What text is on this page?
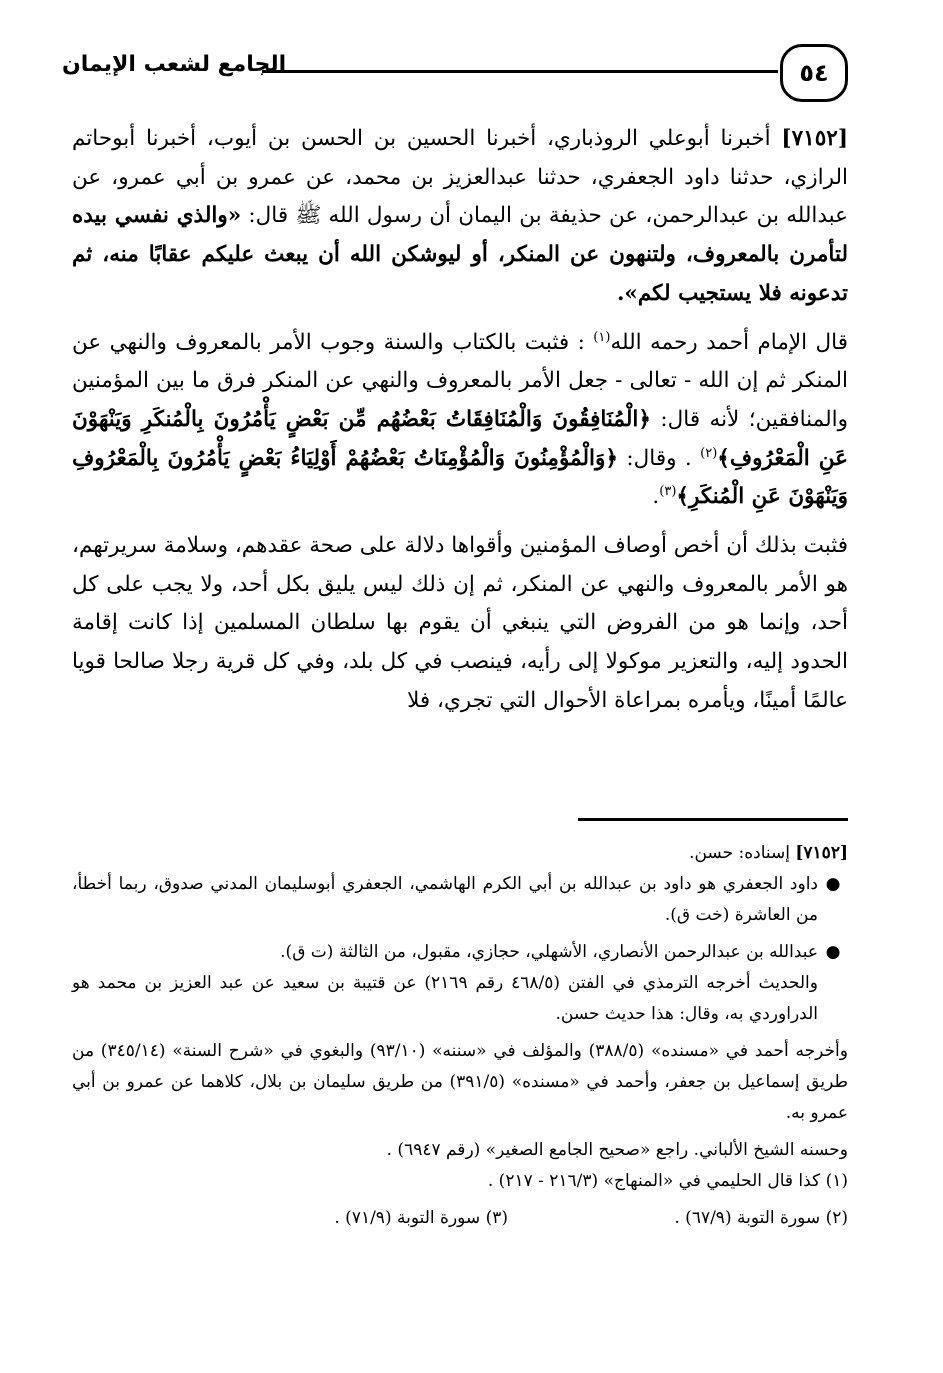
٥٤
الجامع لشعب الإيمان

[٧١٥٢] أخبرنا أبوعلي الروذباري، أخبرنا الحسين بن الحسن بن أيوب، أخبرنا أبوحاتم الرازي، حدثنا داود الجعفري، حدثنا عبدالعزيز بن محمد، عن عمرو بن أبي عمرو، عن عبدالله بن عبدالرحمن، عن حذيفة بن اليمان أن رسول الله ﷺ قال: «والذي نفسي بيده لتأمرن بالمعروف، ولتنهون عن المنكر، أو ليوشكن الله أن يبعث عليكم عقابًا منه، ثم تدعونه فلا يستجيب لكم».

قال الإمام أحمد رحمه الله$^{(١)}$ : فثبت بالكتاب والسنة وجوب الأمر بالمعروف والنهي عن المنكر ثم إن الله - تعالى - جعل الأمر بالمعروف والنهي عن المنكر فرق ما بين المؤمنين والمنافقين؛ لأنه قال: ﴿الْمُنَافِقُونَ وَالْمُنَافِقَاتُ بَعْضُهُم مِّن بَعْضٍ يَأْمُرُونَ بِالْمُنكَرِ وَيَنْهَوْنَ عَنِ الْمَعْرُوفِ﴾$^{(٢)}$ . وقال: ﴿وَالْمُؤْمِنُونَ وَالْمُؤْمِنَاتُ بَعْضُهُمْ أَوْلِيَاءُ بَعْضٍ يَأْمُرُونَ بِالْمَعْرُوفِ وَيَنْهَوْنَ عَنِ الْمُنكَرِ﴾$^{(٣)}$.

فثبت بذلك أن أخص أوصاف المؤمنين وأقواها دلالة على صحة عقدهم، وسلامة سريرتهم، هو الأمر بالمعروف والنهي عن المنكر، ثم إن ذلك ليس يليق بكل أحد، ولا يجب على كل أحد، وإنما هو من الفروض التي ينبغي أن يقوم بها سلطان المسلمين إذا كانت إقامة الحدود إليه، والتعزير موكولا إلى رأيه، فينصب في كل بلد، وفي كل قرية رجلا صالحا قويا عالمًا أمينًا، ويأمره بمراعاة الأحوال التي تجري، فلا

[٧١٥٢] إسناده: حسن.

●داود الجعفري هو داود بن عبدالله بن أبي الكرم الهاشمي، الجعفري أبوسليمان المدني صدوق، ربما أخطأ، من العاشرة (خت ق).

●عبدالله بن عبدالرحمن الأنصاري، الأشهلي، حجازي، مقبول، من الثالثة (ت ق).

والحديث أخرجه الترمذي في الفتن (٤٦٨/٥ رقم ٢١٦٩) عن قتيبة بن سعيد عن عبد العزيز بن محمد هو الدراوردي به، وقال: هذا حديث حسن.

وأخرجه أحمد في «مسنده» (٣٨٨/٥) والمؤلف في «سننه» (٩٣/١٠) والبغوي في «شرح السنة» (٣٤٥/١٤) من طريق إسماعيل بن جعفر، وأحمد في «مسنده» (٣٩١/٥) من طريق سليمان بن بلال، كلاهما عن عمرو بن أبي عمرو به.

وحسنه الشيخ الألباني. راجع «صحيح الجامع الصغير» (رقم ٦٩٤٧) .

(١) كذا قال الحليمي في «المنهاج» (٢١٦/٣ - ٢١٧) .

(٢) سورة التوبة (٦٧/٩) .
(٣) سورة التوبة (٧١/٩) .
